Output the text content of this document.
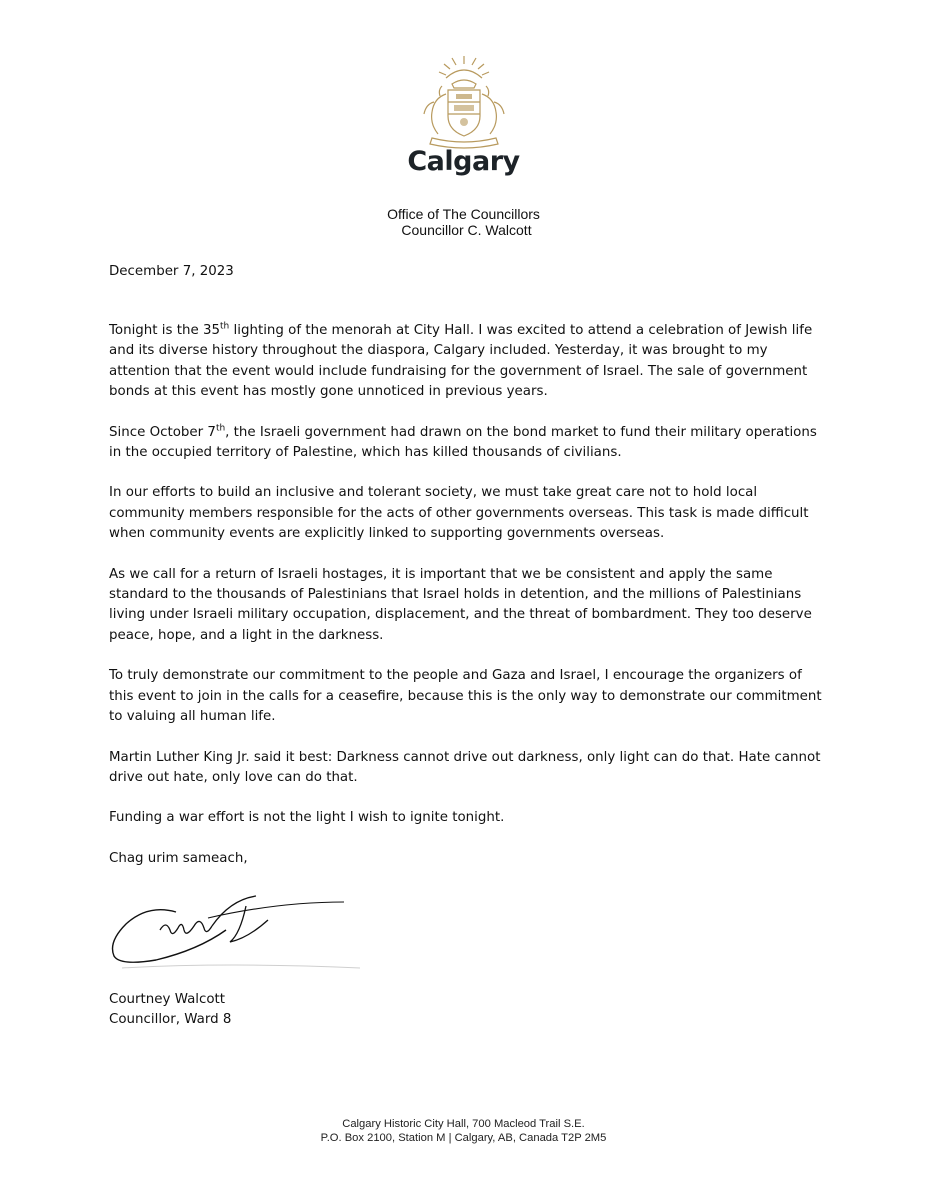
Calgary
Office of The Councillors
Councillor C. Walcott

December 7, 2023

Tonight is the 35th lighting of the menorah at City Hall. I was excited to attend a celebration of Jewish life and its diverse history throughout the diaspora, Calgary included. Yesterday, it was brought to my attention that the event would include fundraising for the government of Israel. The sale of government bonds at this event has mostly gone unnoticed in previous years.

Since October 7th, the Israeli government had drawn on the bond market to fund their military operations in the occupied territory of Palestine, which has killed thousands of civilians.

In our efforts to build an inclusive and tolerant society, we must take great care not to hold local community members responsible for the acts of other governments overseas. This task is made difficult when community events are explicitly linked to supporting governments overseas.

As we call for a return of Israeli hostages, it is important that we be consistent and apply the same standard to the thousands of Palestinians that Israel holds in detention, and the millions of Palestinians living under Israeli military occupation, displacement, and the threat of bombardment. They too deserve peace, hope, and a light in the darkness.

To truly demonstrate our commitment to the people and Gaza and Israel, I encourage the organizers of this event to join in the calls for a ceasefire, because this is the only way to demonstrate our commitment to valuing all human life.

Martin Luther King Jr. said it best: Darkness cannot drive out darkness, only light can do that. Hate cannot drive out hate, only love can do that.

Funding a war effort is not the light I wish to ignite tonight.

Chag urim sameach,

Courtney Walcott
Councillor, Ward 8
Calgary Historic City Hall, 700 Macleod Trail S.E.
P.O. Box 2100, Station M | Calgary, AB, Canada T2P 2M5
